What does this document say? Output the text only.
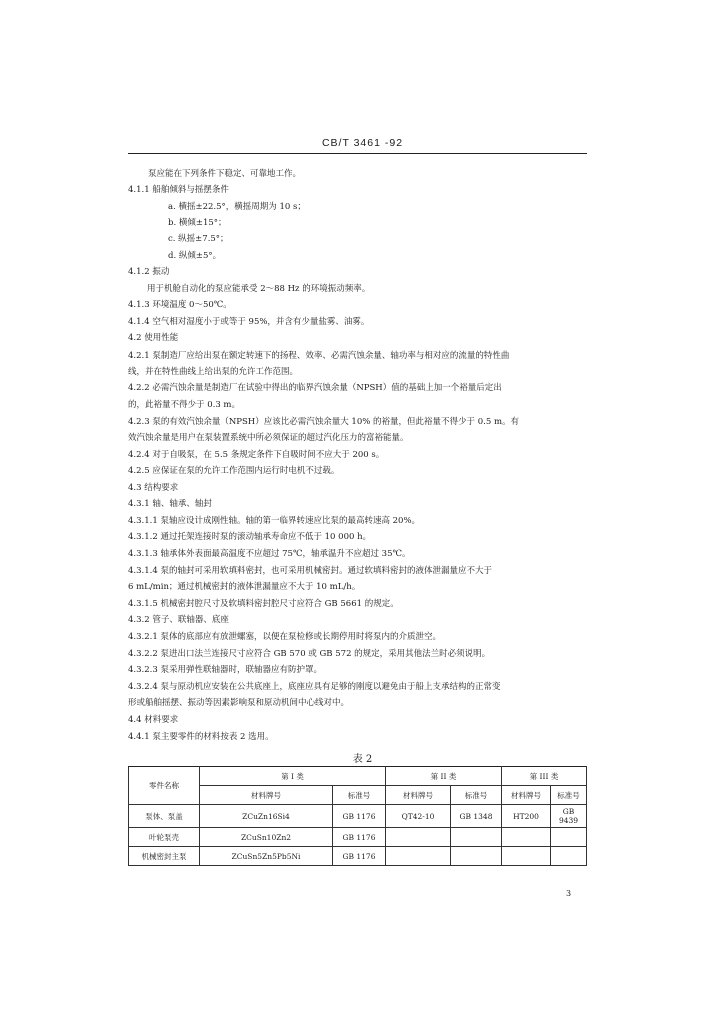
CB/T 3461 -92
泵应能在下列条件下稳定、可靠地工作。
4.1.1 船舶倾斜与摇摆条件
a. 横摇±22.5°，横摇周期为 10 s；
b. 横倾±15°；
c. 纵摇±7.5°；
d. 纵倾±5°。
4.1.2 振动
用于机舱自动化的泵应能承受 2～88 Hz 的环境振动频率。
4.1.3 环境温度 0～50℃。
4.1.4 空气相对湿度小于或等于 95%，并含有少量盐雾、油雾。
4.2 使用性能
4.2.1 泵制造厂应给出泵在额定转速下的扬程、效率、必需汽蚀余量、轴功率与相对应的流量的特性曲
线，并在特性曲线上给出泵的允许工作范围。
4.2.2 必需汽蚀余量是制造厂在试验中得出的临界汽蚀余量（NPSH）值的基础上加一个裕量后定出
的，此裕量不得少于 0.3 m。
4.2.3 泵的有效汽蚀余量（NPSH）应该比必需汽蚀余量大 10% 的裕量，但此裕量不得少于 0.5 m。有
效汽蚀余量是用户在泵装置系统中所必须保证的超过汽化压力的富裕能量。
4.2.4 对于自吸泵，在 5.5 条规定条件下自吸时间不应大于 200 s。
4.2.5 应保证在泵的允许工作范围内运行时电机不过载。
4.3 结构要求
4.3.1 轴、轴承、轴封
4.3.1.1 泵轴应设计成刚性轴。轴的第一临界转速应比泵的最高转速高 20%。
4.3.1.2 通过托架连接时泵的滚动轴承寿命应不低于 10 000 h。
4.3.1.3 轴承体外表面最高温度不应超过 75℃，轴承温升不应超过 35℃。
4.3.1.4 泵的轴封可采用软填料密封，也可采用机械密封。通过软填料密封的液体泄漏量应不大于
6 mL/min；通过机械密封的液体泄漏量应不大于 10 mL/h。
4.3.1.5 机械密封腔尺寸及软填料密封腔尺寸应符合 GB 5661 的规定。
4.3.2 管子、联轴器、底座
4.3.2.1 泵体的底部应有放泄螺塞，以便在泵检修或长期停用时将泵内的介质泄空。
4.3.2.2 泵进出口法兰连接尺寸应符合 GB 570 或 GB 572 的规定，采用其他法兰时必须说明。
4.3.2.3 泵采用弹性联轴器时，联轴器应有防护罩。
4.3.2.4 泵与原动机应安装在公共底座上，底座应具有足够的刚度以避免由于船上支承结构的正常变
形或船舶摇摆、振动等因素影响泵和原动机间中心线对中。
4.4 材料要求
4.4.1 泵主要零件的材料按表 2 选用。
表 2
零件名称	第 I 类		第 II 类		第 III 类	
	材料牌号	标准号	材料牌号	标准号	材料牌号	标准号
泵体、泵盖	ZCuZn16Si4	GB 1176	QT42-10	GB 1348	HT200	GB 9439
叶轮泵壳	ZCuSn10Zn2	GB 1176				
机械密封主泵	ZCuSn5Zn5Pb5Ni	GB 1176				
3
